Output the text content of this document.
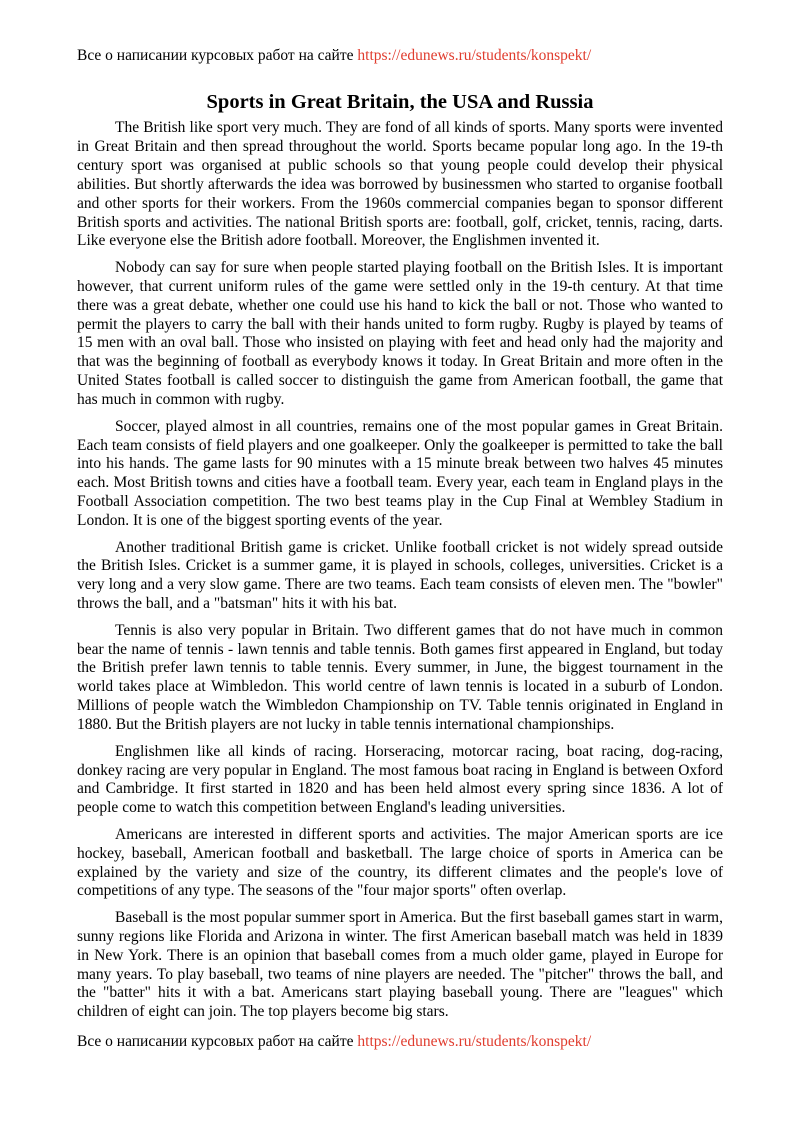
Все о написании курсовых работ на сайте https://edunews.ru/students/konspekt/

Sports in Great Britain, the USA and Russia

The British like sport very much. They are fond of all kinds of sports. Many sports were invented in Great Britain and then spread throughout the world. Sports became popular long ago. In the 19-th century sport was organised at public schools so that young people could develop their physical abilities. But shortly afterwards the idea was borrowed by businessmen who started to organise football and other sports for their workers. From the 1960s commercial companies began to sponsor different British sports and activities. The national British sports are: football, golf, cricket, tennis, racing, darts. Like everyone else the British adore football. Moreover, the Englishmen invented it.

Nobody can say for sure when people started playing football on the British Isles. It is important however, that current uniform rules of the game were settled only in the 19-th century. At that time there was a great debate, whether one could use his hand to kick the ball or not. Those who wanted to permit the players to carry the ball with their hands united to form rugby. Rugby is played by teams of 15 men with an oval ball. Those who insisted on playing with feet and head only had the majority and that was the beginning of football as everybody knows it today. In Great Britain and more often in the United States football is called soccer to distinguish the game from American football, the game that has much in common with rugby.

Soccer, played almost in all countries, remains one of the most popular games in Great Britain. Each team consists of field players and one goalkeeper. Only the goalkeeper is permitted to take the ball into his hands. The game lasts for 90 minutes with a 15 minute break between two halves 45 minutes each. Most British towns and cities have a football team. Every year, each team in England plays in the Football Association competition. The two best teams play in the Cup Final at Wembley Stadium in London. It is one of the biggest sporting events of the year.

Another traditional British game is cricket. Unlike football cricket is not widely spread outside the British Isles. Cricket is a summer game, it is played in schools, colleges, universities. Cricket is a very long and a very slow game. There are two teams. Each team consists of eleven men. The "bowler" throws the ball, and a "batsman" hits it with his bat.

Tennis is also very popular in Britain. Two different games that do not have much in common bear the name of tennis - lawn tennis and table tennis. Both games first appeared in England, but today the British prefer lawn tennis to table tennis. Every summer, in June, the biggest tournament in the world takes place at Wimbledon. This world centre of lawn tennis is located in a suburb of London. Millions of people watch the Wimbledon Championship on TV. Table tennis originated in England in 1880. But the British players are not lucky in table tennis international championships.

Englishmen like all kinds of racing. Horseracing, motorcar racing, boat racing, dog-racing, donkey racing are very popular in England. The most famous boat racing in England is between Oxford and Cambridge. It first started in 1820 and has been held almost every spring since 1836. A lot of people come to watch this competition between England's leading universities.

Americans are interested in different sports and activities. The major American sports are ice hockey, baseball, American football and basketball. The large choice of sports in America can be explained by the variety and size of the country, its different climates and the people's love of competitions of any type. The seasons of the "four major sports" often overlap.

Baseball is the most popular summer sport in America. But the first baseball games start in warm, sunny regions like Florida and Arizona in winter. The first American baseball match was held in 1839 in New York. There is an opinion that baseball comes from a much older game, played in Europe for many years. To play baseball, two teams of nine players are needed. The "pitcher" throws the ball, and the "batter" hits it with a bat. Americans start playing baseball young. There are "leagues" which children of eight can join. The top players become big stars.

Все о написании курсовых работ на сайте https://edunews.ru/students/konspekt/
